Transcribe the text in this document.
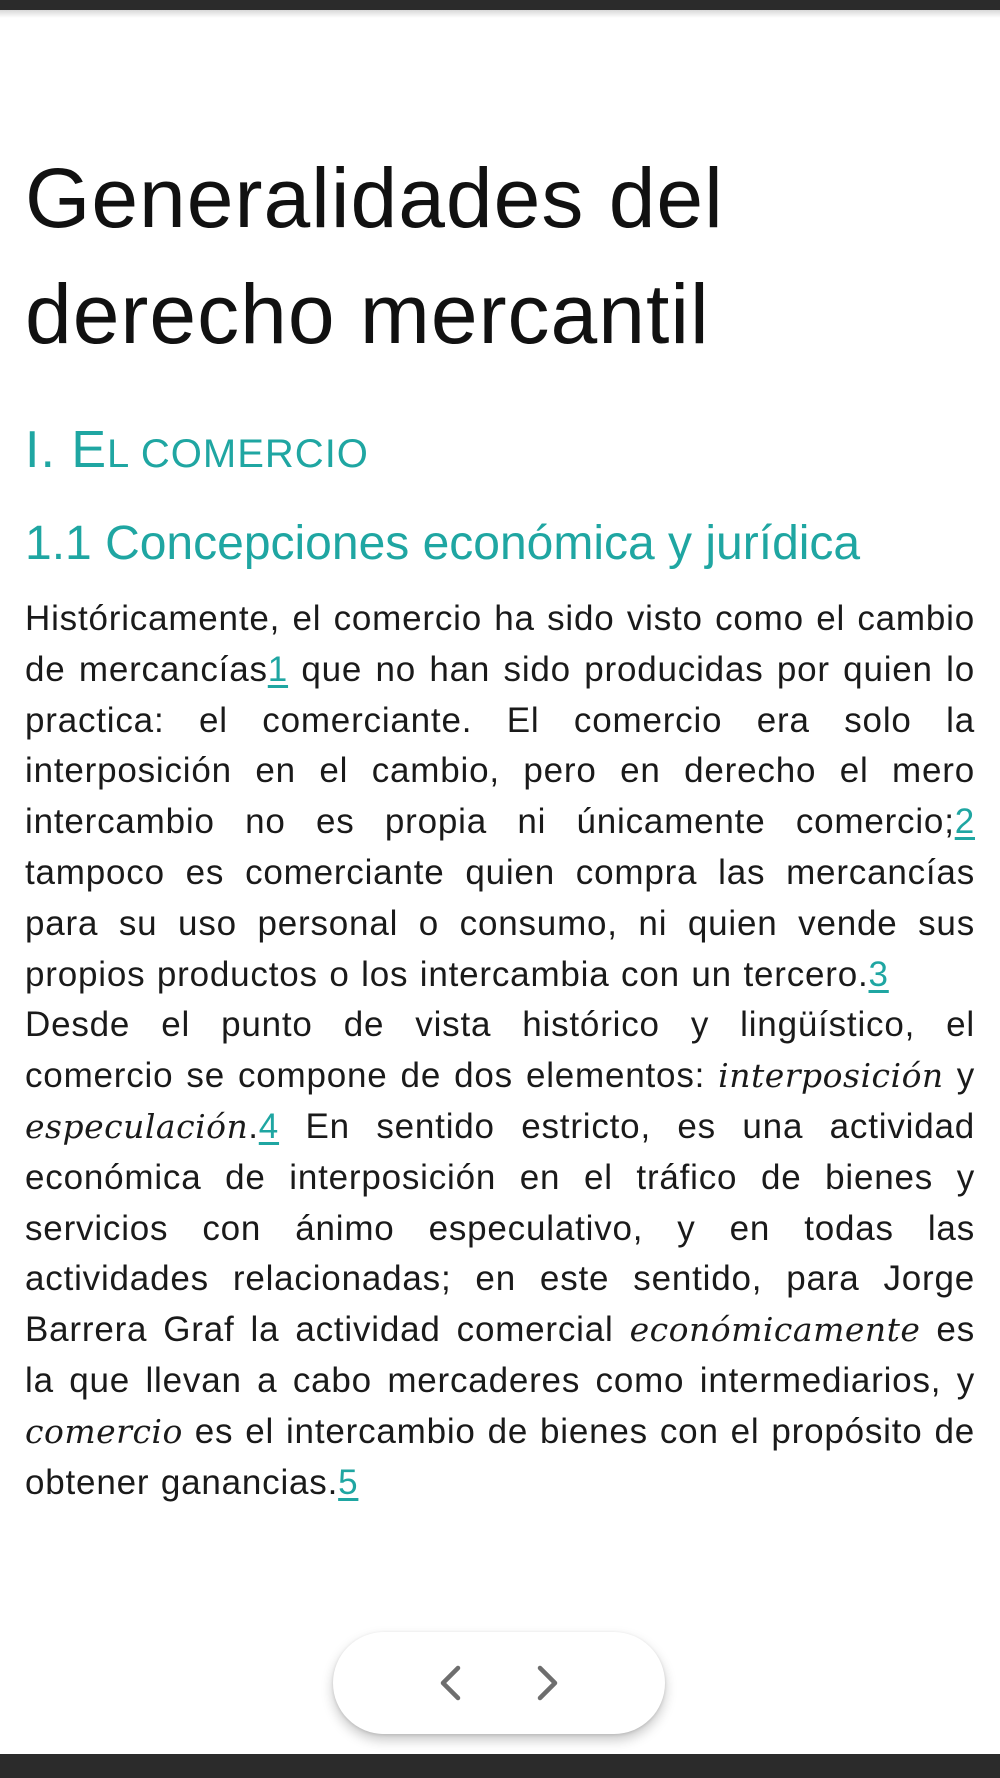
Generalidades del derecho mercantil
I. EL COMERCIO
1.1 Concepciones económica y jurídica

Históricamente, el comercio ha sido visto como el cambio de mercancías1 que no han sido producidas por quien lo practica: el comerciante. El comercio era solo la interposición en el cambio, pero en derecho el mero intercambio no es propia ni únicamente comercio;2 tampoco es comerciante quien compra las mercancías para su uso personal o consumo, ni quien vende sus propios productos o los intercambia con un tercero.3

Desde el punto de vista histórico y lingüístico, el comercio se compone de dos elementos: interposición y especulación.4 En sentido estricto, es una actividad económica de interposición en el tráfico de bienes y servicios con ánimo especulativo, y en todas las actividades relacionadas; en este sentido, para Jorge Barrera Graf la actividad comercial económicamente es la que llevan a cabo mercaderes como intermediarios, y comercio es el intercambio de bienes con el propósito de obtener ganancias.5
